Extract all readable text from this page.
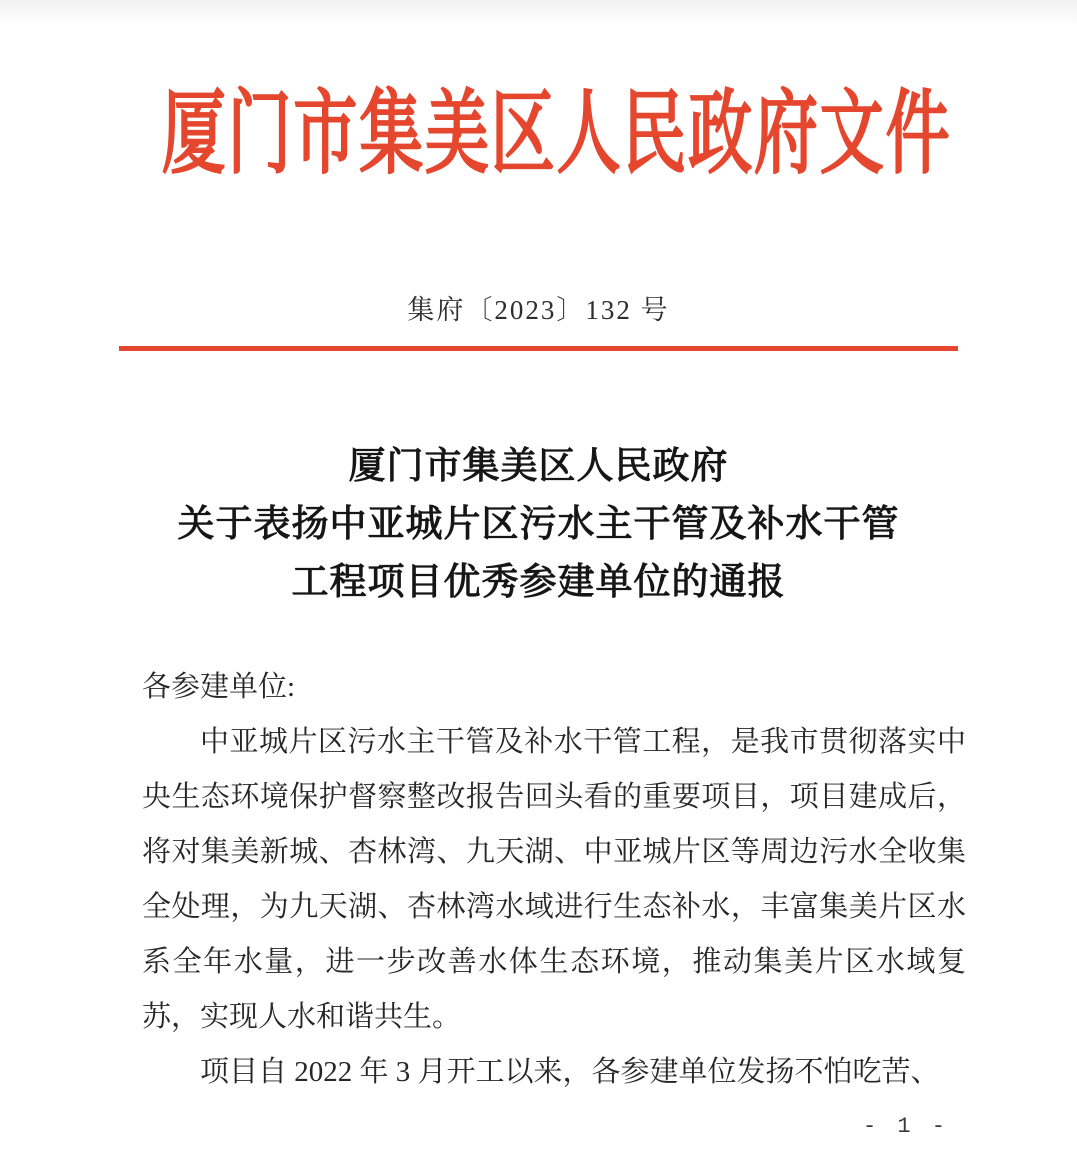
厦门市集美区人民政府文件
集府〔2023〕132 号
厦门市集美区人民政府
关于表扬中亚城片区污水主干管及补水干管
工程项目优秀参建单位的通报

各参建单位:

中亚城片区污水主干管及补水干管工程，是我市贯彻落实中央生态环境保护督察整改报告回头看的重要项目，项目建成后，将对集美新城、杏林湾、九天湖、中亚城片区等周边污水全收集全处理，为九天湖、杏林湾水域进行生态补水，丰富集美片区水系全年水量，进一步改善水体生态环境，推动集美片区水域复苏，实现人水和谐共生。

项目自 2022 年 3 月开工以来，各参建单位发扬不怕吃苦、

- 1 -
